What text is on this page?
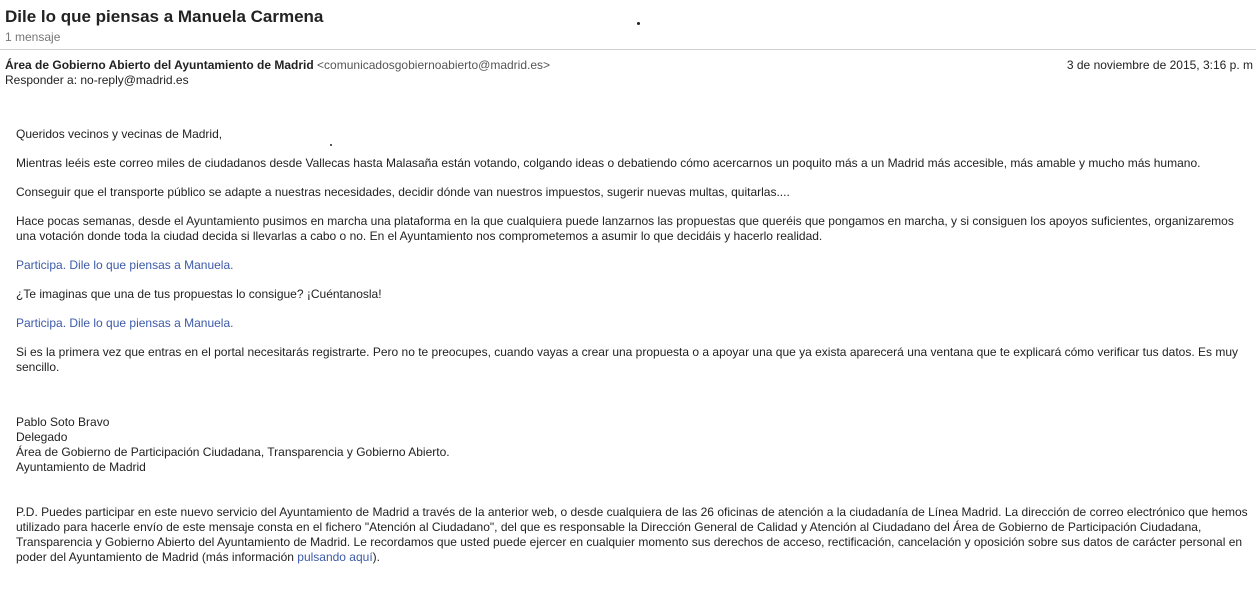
Dile lo que piensas a Manuela Carmena
1 mensaje
Área de Gobierno Abierto del Ayuntamiento de Madrid <comunicadosgobiernoabierto@madrid.es>	3 de noviembre de 2015, 3:16 p. m
Responder a: no-reply@madrid.es

Queridos vecinos y vecinas de Madrid,

Mientras leéis este correo miles de ciudadanos desde Vallecas hasta Malasaña están votando, colgando ideas o debatiendo cómo acercarnos un poquito más a un Madrid más accesible, más amable y mucho más humano.

Conseguir que el transporte público se adapte a nuestras necesidades, decidir dónde van nuestros impuestos, sugerir nuevas multas, quitarlas....

Hace pocas semanas, desde el Ayuntamiento pusimos en marcha una plataforma en la que cualquiera puede lanzarnos las propuestas que queréis que pongamos en marcha, y si consiguen los apoyos suficientes, organizaremos una votación donde toda la ciudad decida si llevarlas a cabo o no. En el Ayuntamiento nos comprometemos a asumir lo que decidáis y hacerlo realidad.

Participa. Dile lo que piensas a Manuela.

¿Te imaginas que una de tus propuestas lo consigue? ¡Cuéntanosla!

Participa. Dile lo que piensas a Manuela.

Si es la primera vez que entras en el portal necesitarás registrarte. Pero no te preocupes, cuando vayas a crear una propuesta o a apoyar una que ya exista aparecerá una ventana que te explicará cómo verificar tus datos. Es muy sencillo.

Pablo Soto Bravo
Delegado
Área de Gobierno de Participación Ciudadana, Transparencia y Gobierno Abierto.
Ayuntamiento de Madrid
P.D. Puedes participar en este nuevo servicio del Ayuntamiento de Madrid a través de la anterior web, o desde cualquiera de las 26 oficinas de atención a la ciudadanía de Línea Madrid. La dirección de correo electrónico que hemos utilizado para hacerle envío de este mensaje consta en el fichero "Atención al Ciudadano", del que es responsable la Dirección General de Calidad y Atención al Ciudadano del Área de Gobierno de Participación Ciudadana, Transparencia y Gobierno Abierto del Ayuntamiento de Madrid. Le recordamos que usted puede ejercer en cualquier momento sus derechos de acceso, rectificación, cancelación y oposición sobre sus datos de carácter personal en poder del Ayuntamiento de Madrid (más información pulsando aquí).
